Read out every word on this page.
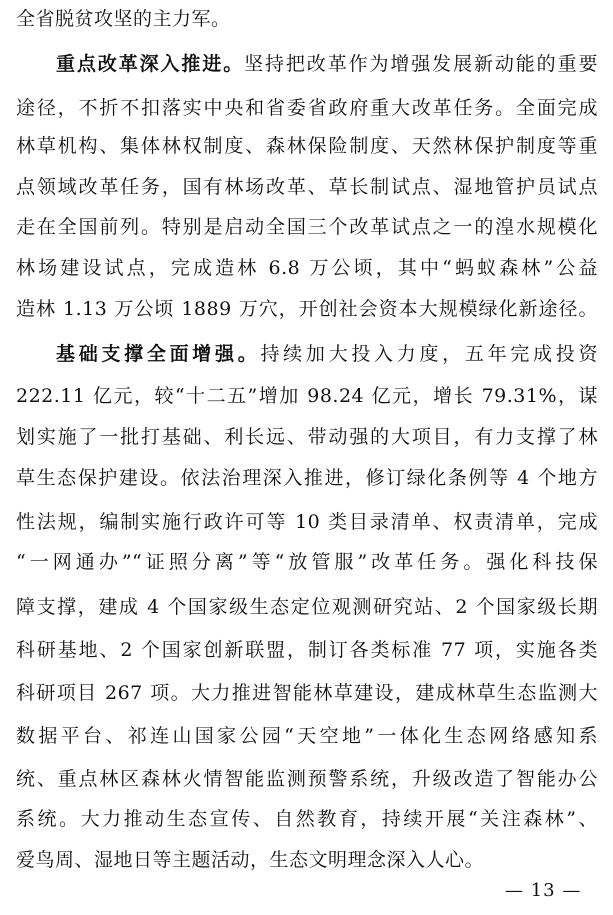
全省脱贫攻坚的主力军。
重点改革深入推进。坚持把改革作为增强发展新动能的重要
途径，不折不扣落实中央和省委省政府重大改革任务。全面完成
林草机构、集体林权制度、森林保险制度、天然林保护制度等重
点领域改革任务，国有林场改革、草长制试点、湿地管护员试点
走在全国前列。特别是启动全国三个改革试点之一的湟水规模化
林场建设试点，完成造林 6.8 万公顷，其中“蚂蚁森林”公益
造林 1.13 万公顷 1889 万穴，开创社会资本大规模绿化新途径。
基础支撑全面增强。持续加大投入力度，五年完成投资
222.11 亿元，较“十二五”增加 98.24 亿元，增长 79.31%，谋
划实施了一批打基础、利长远、带动强的大项目，有力支撑了林
草生态保护建设。依法治理深入推进，修订绿化条例等 4 个地方
性法规，编制实施行政许可等 10 类目录清单、权责清单，完成
“一网通办”“证照分离”等“放管服”改革任务。强化科技保
障支撑，建成 4 个国家级生态定位观测研究站、2 个国家级长期
科研基地、2 个国家创新联盟，制订各类标准 77 项，实施各类
科研项目 267 项。大力推进智能林草建设，建成林草生态监测大
数据平台、祁连山国家公园“天空地”一体化生态网络感知系
统、重点林区森林火情智能监测预警系统，升级改造了智能办公
系统。大力推动生态宣传、自然教育，持续开展“关注森林”、
爱鸟周、湿地日等主题活动，生态文明理念深入人心。
— 13 —
